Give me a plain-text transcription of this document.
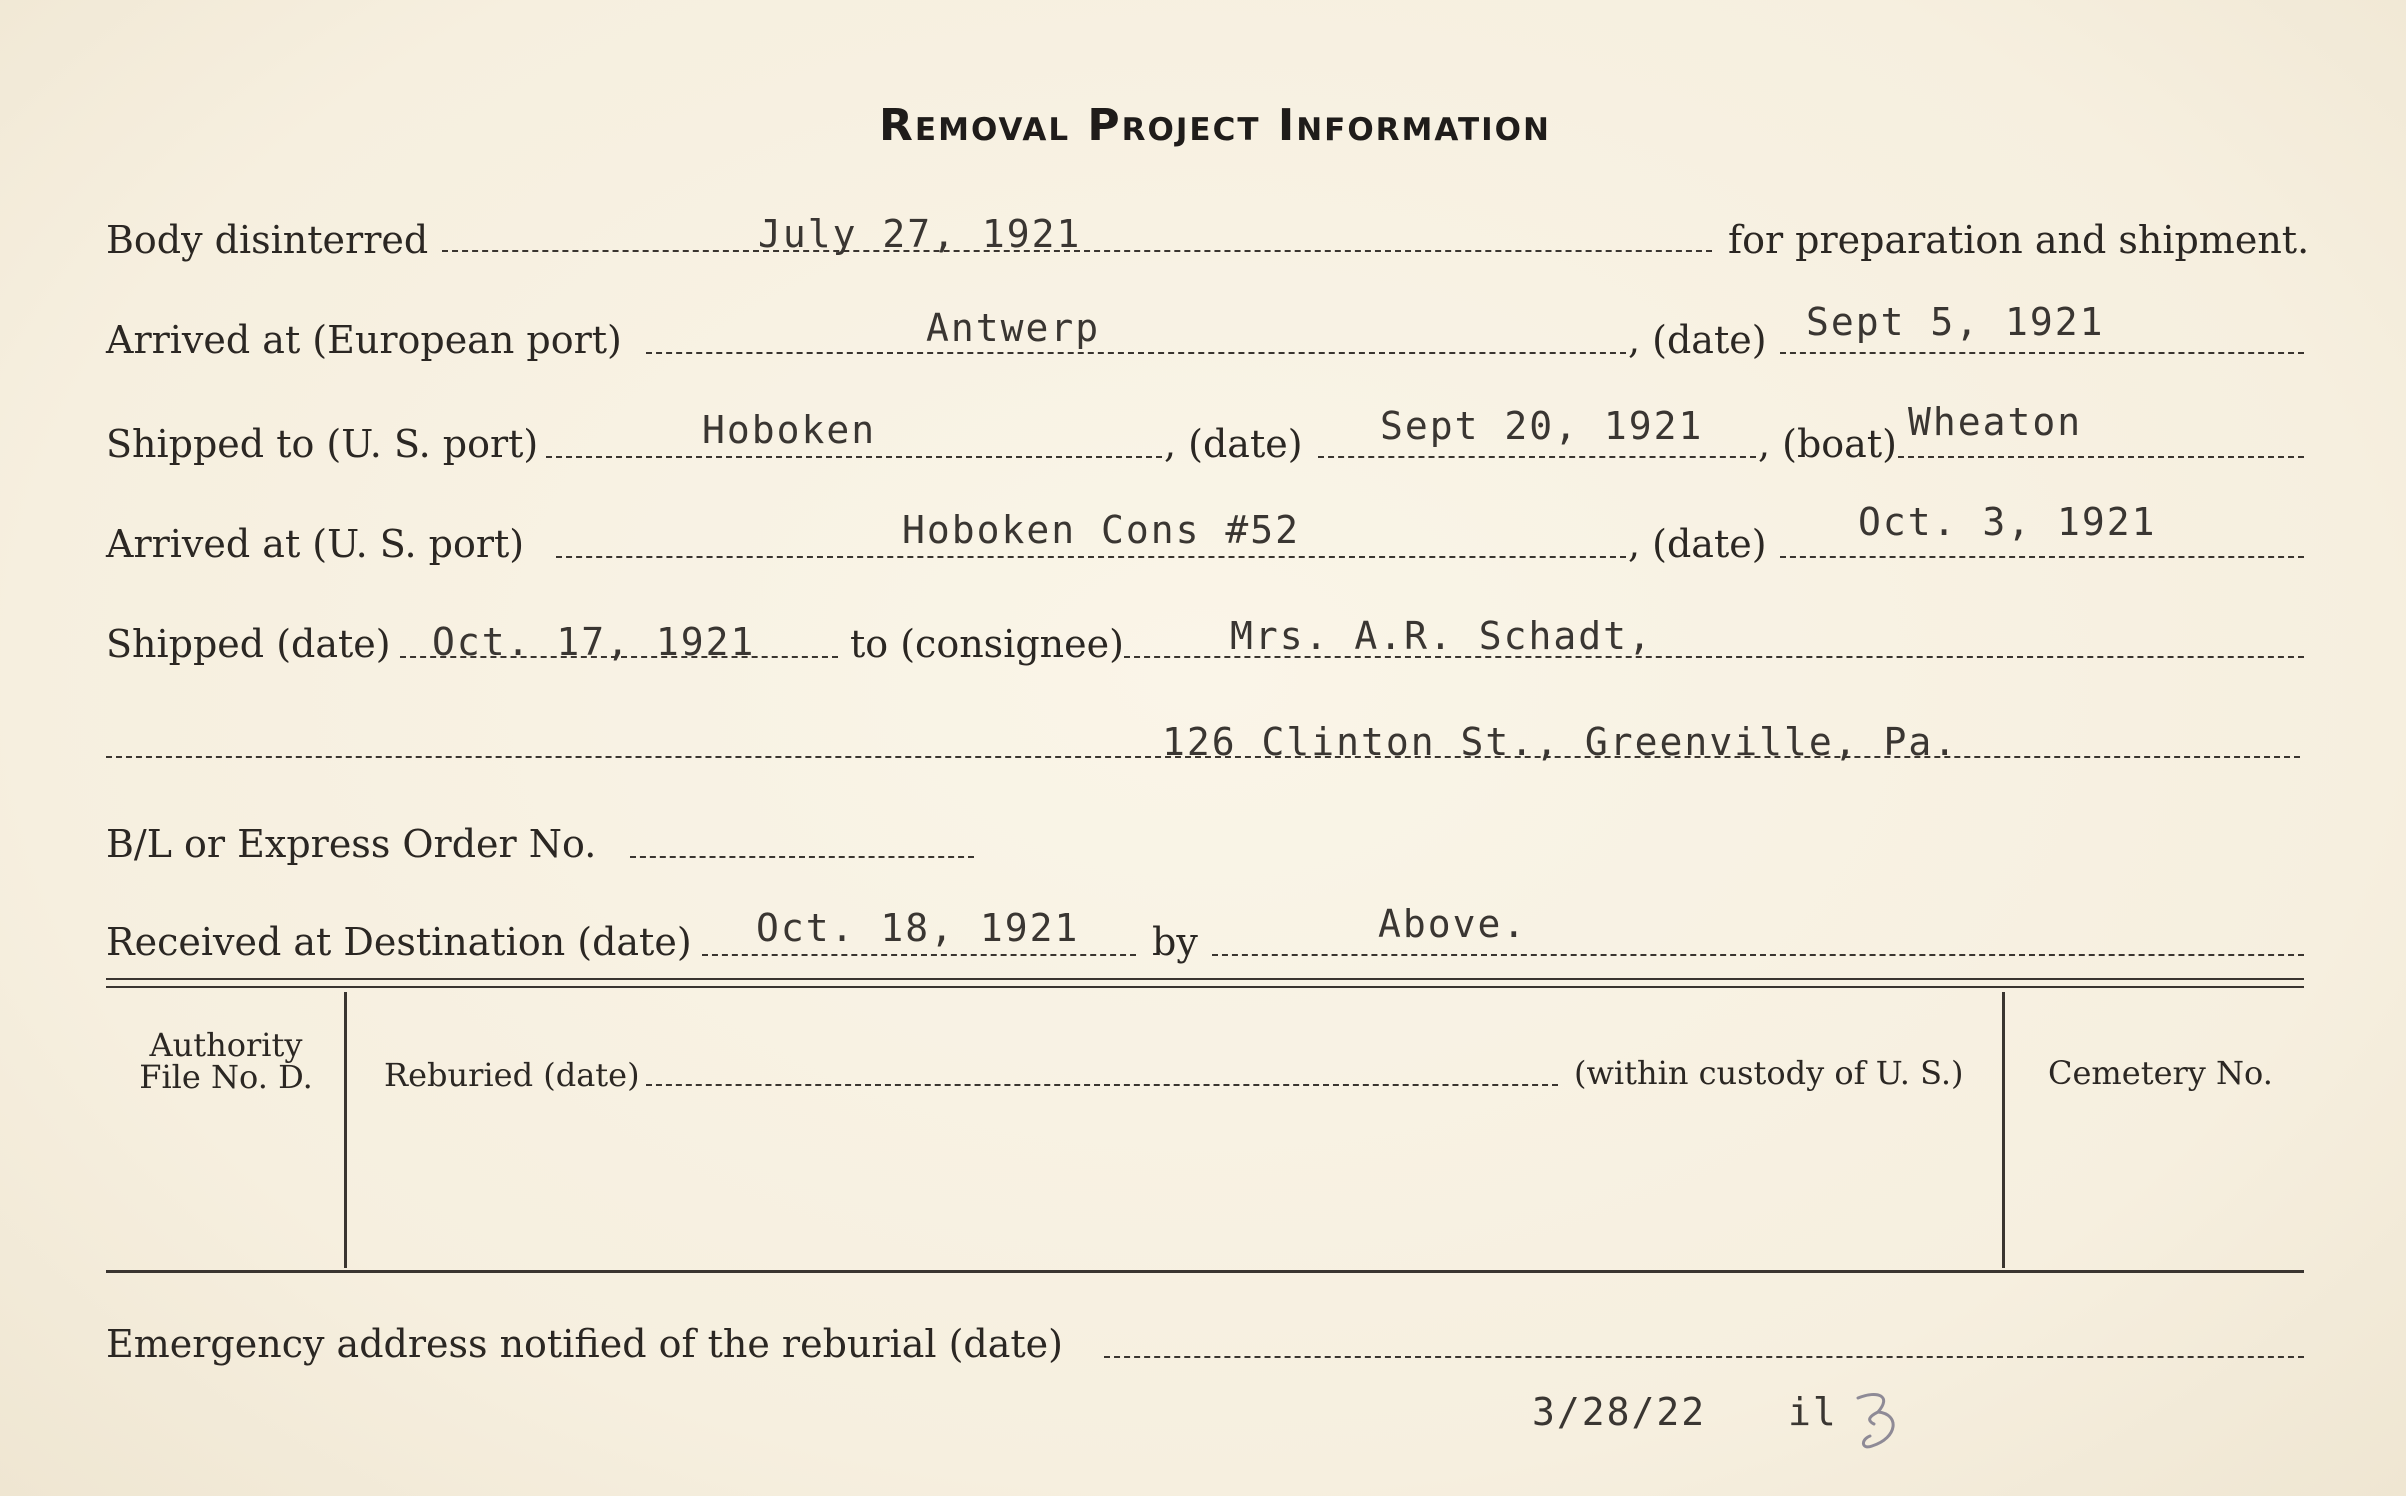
Removal Project Information
Body disinterred	July 27, 1921	for preparation and shipment.
Arrived at (European port)	Antwerp	, (date) Sept 5, 1921
Shipped to (U. S. port)	Hoboken	, (date) Sept 20, 1921 , (boat) Wheaton
Arrived at (U. S. port)	Hoboken Cons #52	, (date) Oct. 3, 1921
Shipped (date) Oct. 17, 1921 to (consignee)	Mrs. A.R. Schadt,
126 Clinton St., Greenville, Pa.
B/L or Express Order No.
Received at Destination (date) Oct. 18, 1921 by	Above.
Authority
File No. D.	Reburied (date)	(within custody of U. S.)	Cemetery No.
Emergency address notified of the reburial (date)
3/28/22 il
